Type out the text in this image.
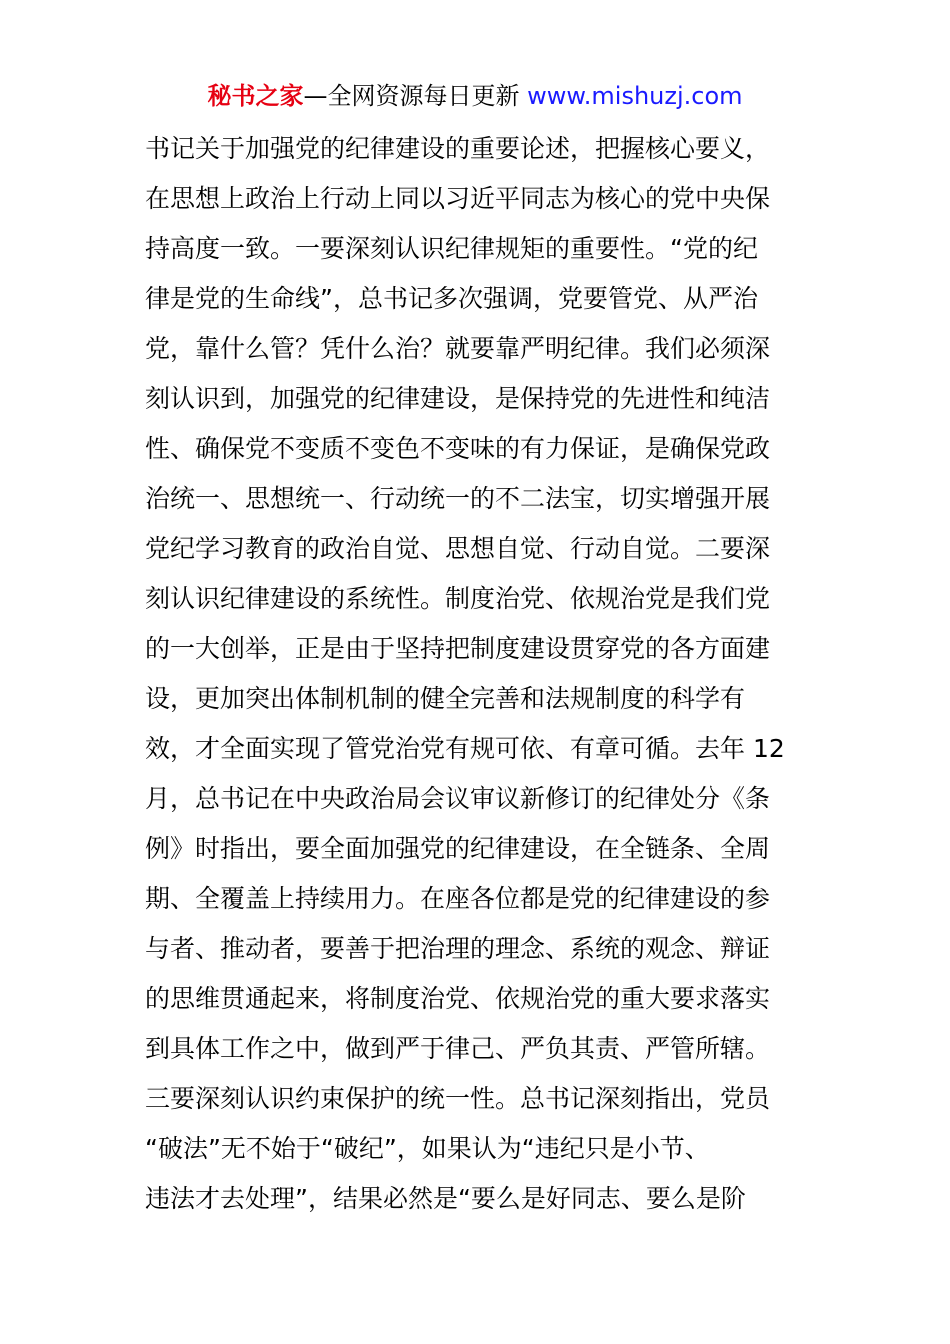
秘书之家—全网资源每日更新 www.mishuzj.com
书记关于加强党的纪律建设的重要论述，把握核心要义，
在思想上政治上行动上同以习近平同志为核心的党中央保
持高度一致。一要深刻认识纪律规矩的重要性。“党的纪
律是党的生命线”，总书记多次强调，党要管党、从严治
党，靠什么管？凭什么治？就要靠严明纪律。我们必须深
刻认识到，加强党的纪律建设，是保持党的先进性和纯洁
性、确保党不变质不变色不变味的有力保证，是确保党政
治统一、思想统一、行动统一的不二法宝，切实增强开展
党纪学习教育的政治自觉、思想自觉、行动自觉。二要深
刻认识纪律建设的系统性。制度治党、依规治党是我们党
的一大创举，正是由于坚持把制度建设贯穿党的各方面建
设，更加突出体制机制的健全完善和法规制度的科学有
效，才全面实现了管党治党有规可依、有章可循。去年 12
月，总书记在中央政治局会议审议新修订的纪律处分《条
例》时指出，要全面加强党的纪律建设，在全链条、全周
期、全覆盖上持续用力。在座各位都是党的纪律建设的参
与者、推动者，要善于把治理的理念、系统的观念、辩证
的思维贯通起来，将制度治党、依规治党的重大要求落实
到具体工作之中，做到严于律己、严负其责、严管所辖。
三要深刻认识约束保护的统一性。总书记深刻指出，党员
“破法”无不始于“破纪”，如果认为“违纪只是小节、
违法才去处理”，结果必然是“要么是好同志、要么是阶
